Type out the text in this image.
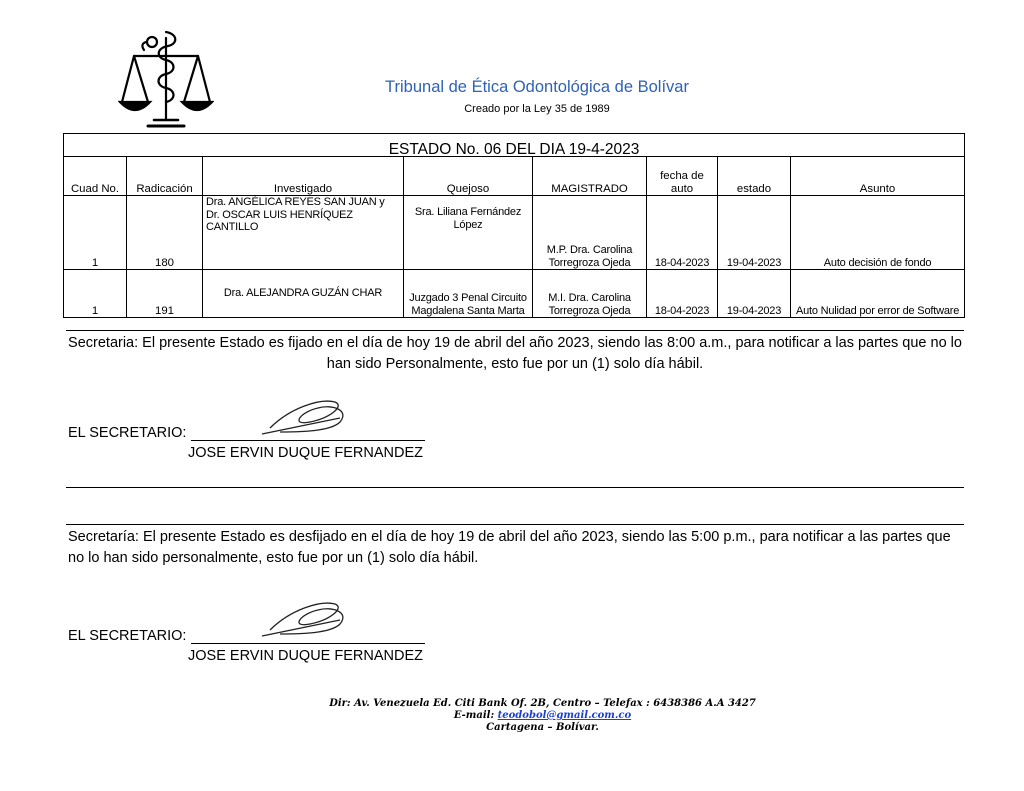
Tribunal de Ética Odontológica de Bolívar
Creado por la Ley 35 de 1989
ESTADO No. 06 DEL DIA 19-4-2023							
Cuad No.	Radicación	Investigado	Quejoso	MAGISTRADO	fecha de auto	estado	Asunto
1	180	Dra. ANGÉLICA REYES SAN JUAN y Dr. OSCAR LUIS HENRÍQUEZ CANTILLO	Sra. Liliana Fernández López	M.P. Dra. Carolina Torregroza Ojeda	18-04-2023	19-04-2023	Auto decisión de fondo
1	191	Dra. ALEJANDRA GUZÁN CHAR	Juzgado 3 Penal Circuito Magdalena Santa Marta	M.I. Dra. Carolina Torregroza Ojeda	18-04-2023	19-04-2023	Auto Nulidad por error de Software
Secretaria: El presente Estado es fijado en el día de hoy 19 de abril del año 2023, siendo las 8:00 a.m., para notificar a las partes que no lo han sido Personalmente, esto fue por un (1) solo día hábil.
EL SECRETARIO:
JOSE ERVIN DUQUE FERNANDEZ
Secretaría: El presente Estado es desfijado en el día de hoy 19 de abril del año 2023, siendo las 5:00 p.m., para notificar a las partes que no lo han sido personalmente, esto fue por un (1) solo día hábil.
EL SECRETARIO:
JOSE ERVIN DUQUE FERNANDEZ
Dir: Av. Venezuela Ed. Citi Bank Of. 2B, Centro – Telefax : 6438386 A.A 3427
E-mail: teodobol@gmail.com.co
Cartagena – Bolívar.
